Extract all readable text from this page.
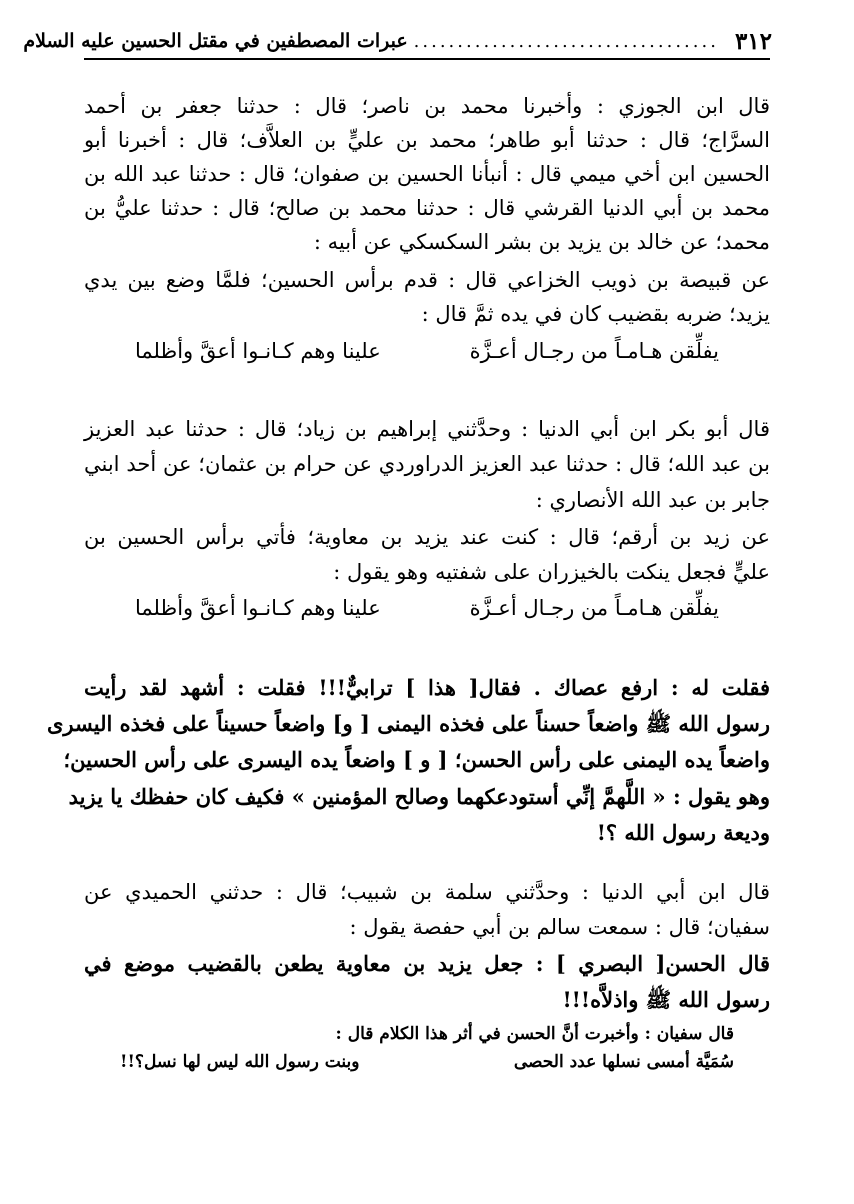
٣١٢
...................................
عبرات المصطفين في مقتل الحسين عليه السلام
قال ابن الجوزي : وأخبرنا محمد بن ناصر؛ قال : حدثنا جعفر بن أحمد
السرَّاج؛ قال : حدثنا أبو طاهر؛ محمد بن عليٍّ بن العلاَّف؛ قال : أخبرنا أبو
الحسين ابن أخي ميمي قال : أنبأنا الحسين بن صفوان؛ قال : حدثنا عبد الله بن
محمد بن أبي الدنيا القرشي قال : حدثنا محمد بن صالح؛ قال : حدثنا عليُّ بن
محمد؛ عن خالد بن يزيد بن بشر السكسكي عن أبيه :
عن قبيصة بن ذويب الخزاعي قال : قدم برأس الحسين؛ فلمَّا وضع بين يدي
يزيد؛ ضربه بقضيب كان في يده ثمَّ قال :
يفلِّقن هـامـاً من رجـال أعـزَّة
علينا وهم كـانـوا أعقَّ وأظلما
قال أبو بكر ابن أبي الدنيا : وحدَّثني إبراهيم بن زياد؛ قال : حدثنا عبد العزيز
بن عبد الله؛ قال : حدثنا عبد العزيز الدراوردي عن حرام بن عثمان؛ عن أحد ابني
جابر بن عبد الله الأنصاري :
عن زيد بن أرقم؛ قال : كنت عند يزيد بن معاوية؛ فأتي برأس الحسين بن
عليٍّ فجعل ينكت بالخيزران على شفتيه وهو يقول :
يفلِّقن هـامـاً من رجـال أعـزَّة
علينا وهم كـانـوا أعقَّ وأظلما
فقلت له : ارفع عصاك . فقال[ هذا ] ترابيٌّ!!! فقلت : أشهد لقد رأيت
رسول الله ﷺ واضعاً حسناً على فخذه اليمنى [ و] واضعاً حسيناً على فخذه اليسرى
واضعاً يده اليمنى على رأس الحسن؛ [ و ] واضعاً يده اليسرى على رأس الحسين؛
وهو يقول : « اللَّهمَّ إنِّي أستودعكهما وصالح المؤمنين » فكيف كان حفظك يا يزيد
وديعة رسول الله ؟!
قال ابن أبي الدنيا : وحدَّثني سلمة بن شبيب؛ قال : حدثني الحميدي عن
سفيان؛ قال : سمعت سالم بن أبي حفصة يقول :
قال الحسن[ البصري ] : جعل يزيد بن معاوية يطعن بالقضيب موضع في
رسول الله ﷺ واذلاَّه!!!
قال سفيان : وأخبرت أنَّ الحسن في أثر هذا الكلام قال :
سُمَيَّة أمسى نسلها عدد الحصى
وبنت رسول الله ليس لها نسل؟!!
